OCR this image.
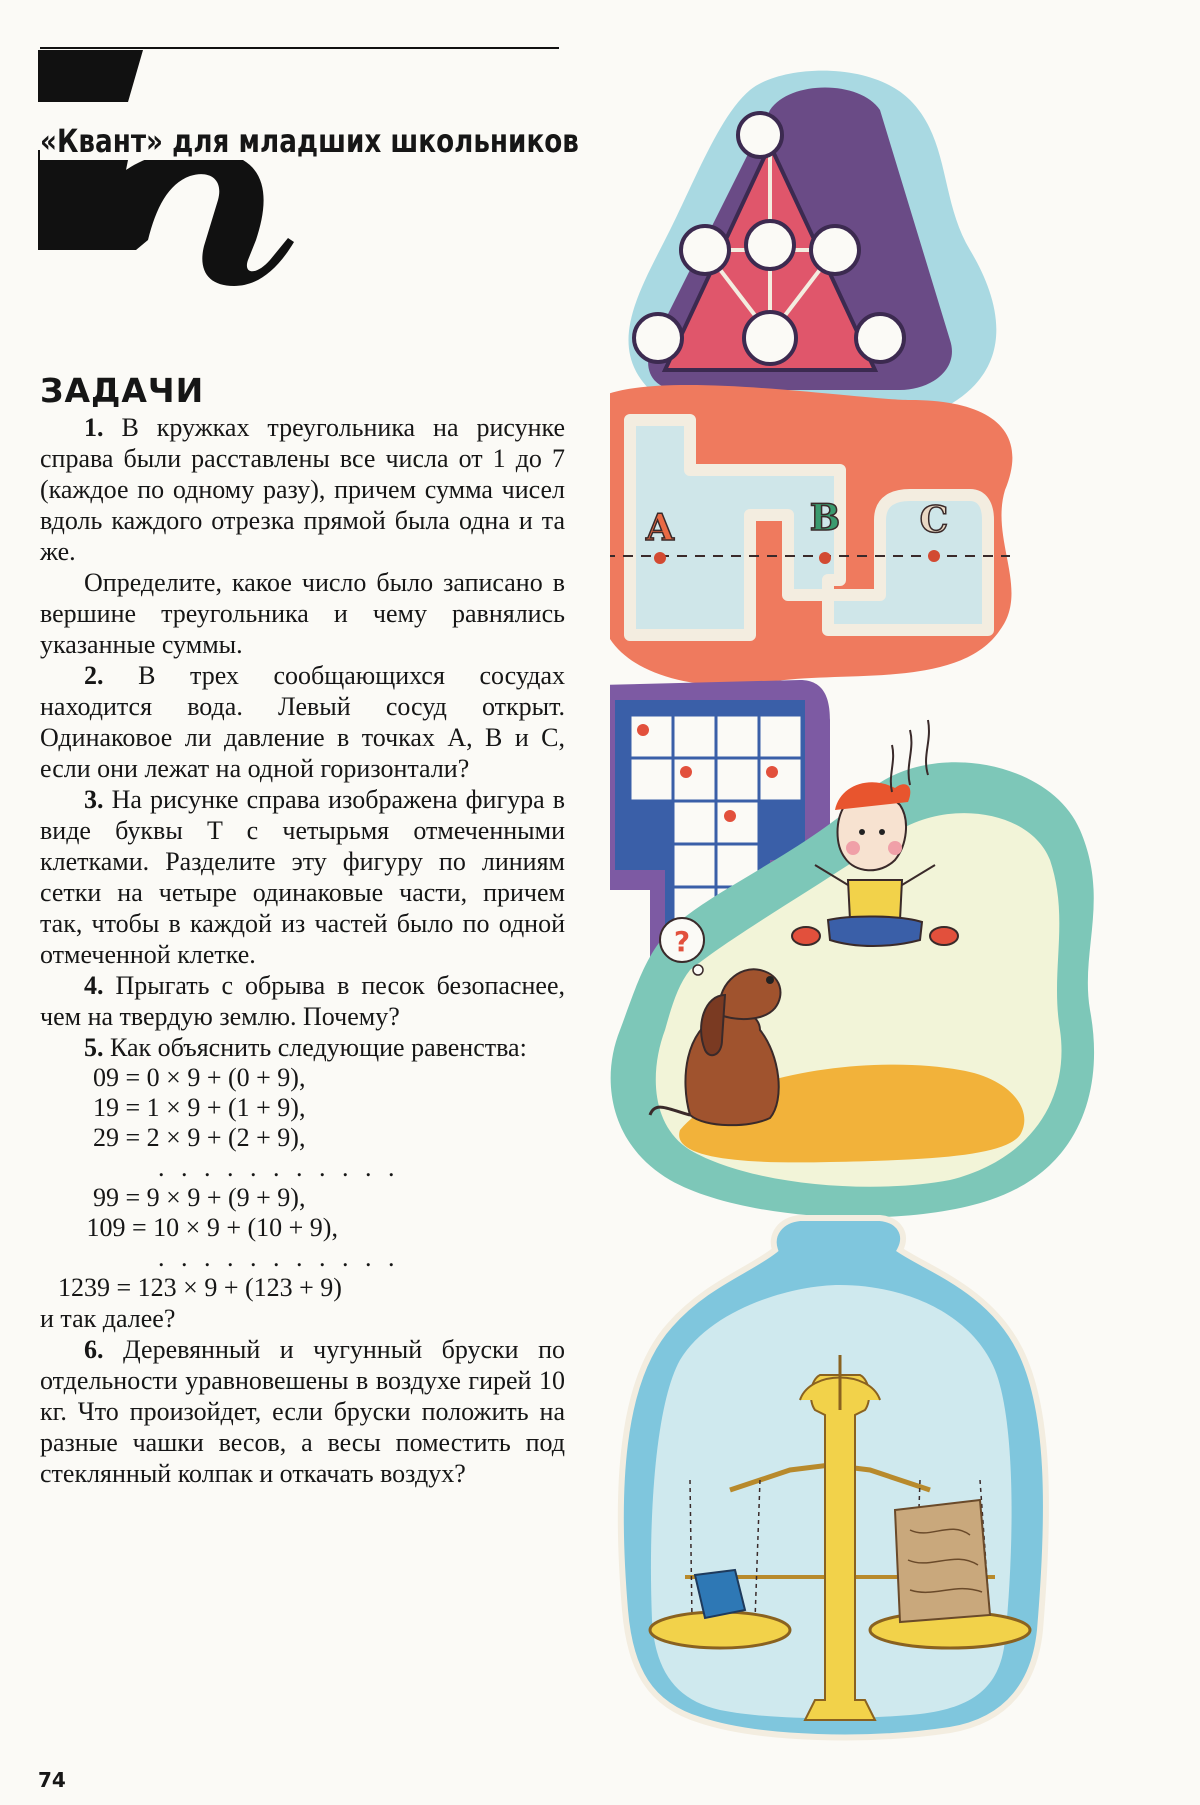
«Квант» для младших школьников
ЗАДАЧИ

1. В кружках треугольника на рисунке справа были расставлены все числа от 1 до 7 (каждое по одному разу), причем сумма чисел вдоль каждого отрезка прямой была одна и та же.

Определите, какое число было записано в вершине треугольника и чему равнялись указанные суммы.

2. В трех сообщающихся сосудах находится вода. Левый сосуд открыт. Одинаковое ли давление в точках A, B и C, если они лежат на одной горизонтали?

3. На рисунке справа изображена фигура в виде буквы T с четырьмя отмеченными клетками. Разделите эту фигуру по линиям сетки на четыре одинаковые части, причем так, чтобы в каждой из частей было по одной отмеченной клетке.

4. Прыгать с обрыва в песок безопаснее, чем на твердую землю. Почему?

5. Как объяснить следующие равенства:

09 = 0 × 9 + (0 + 9),

19 = 1 × 9 + (1 + 9),

29 = 2 × 9 + (2 + 9),

. . . . . . . . . . .

99 = 9 × 9 + (9 + 9),

109 = 10 × 9 + (10 + 9),

. . . . . . . . . . .

1239 = 123 × 9 + (123 + 9)

и так далее?

6. Деревянный и чугунный бруски по отдельности уравновешены в воздухе гирей 10 кг. Что произойдет, если бруски положить на разные чашки весов, а весы поместить под стеклянный колпак и откачать воздух?

74
A	B C
?
